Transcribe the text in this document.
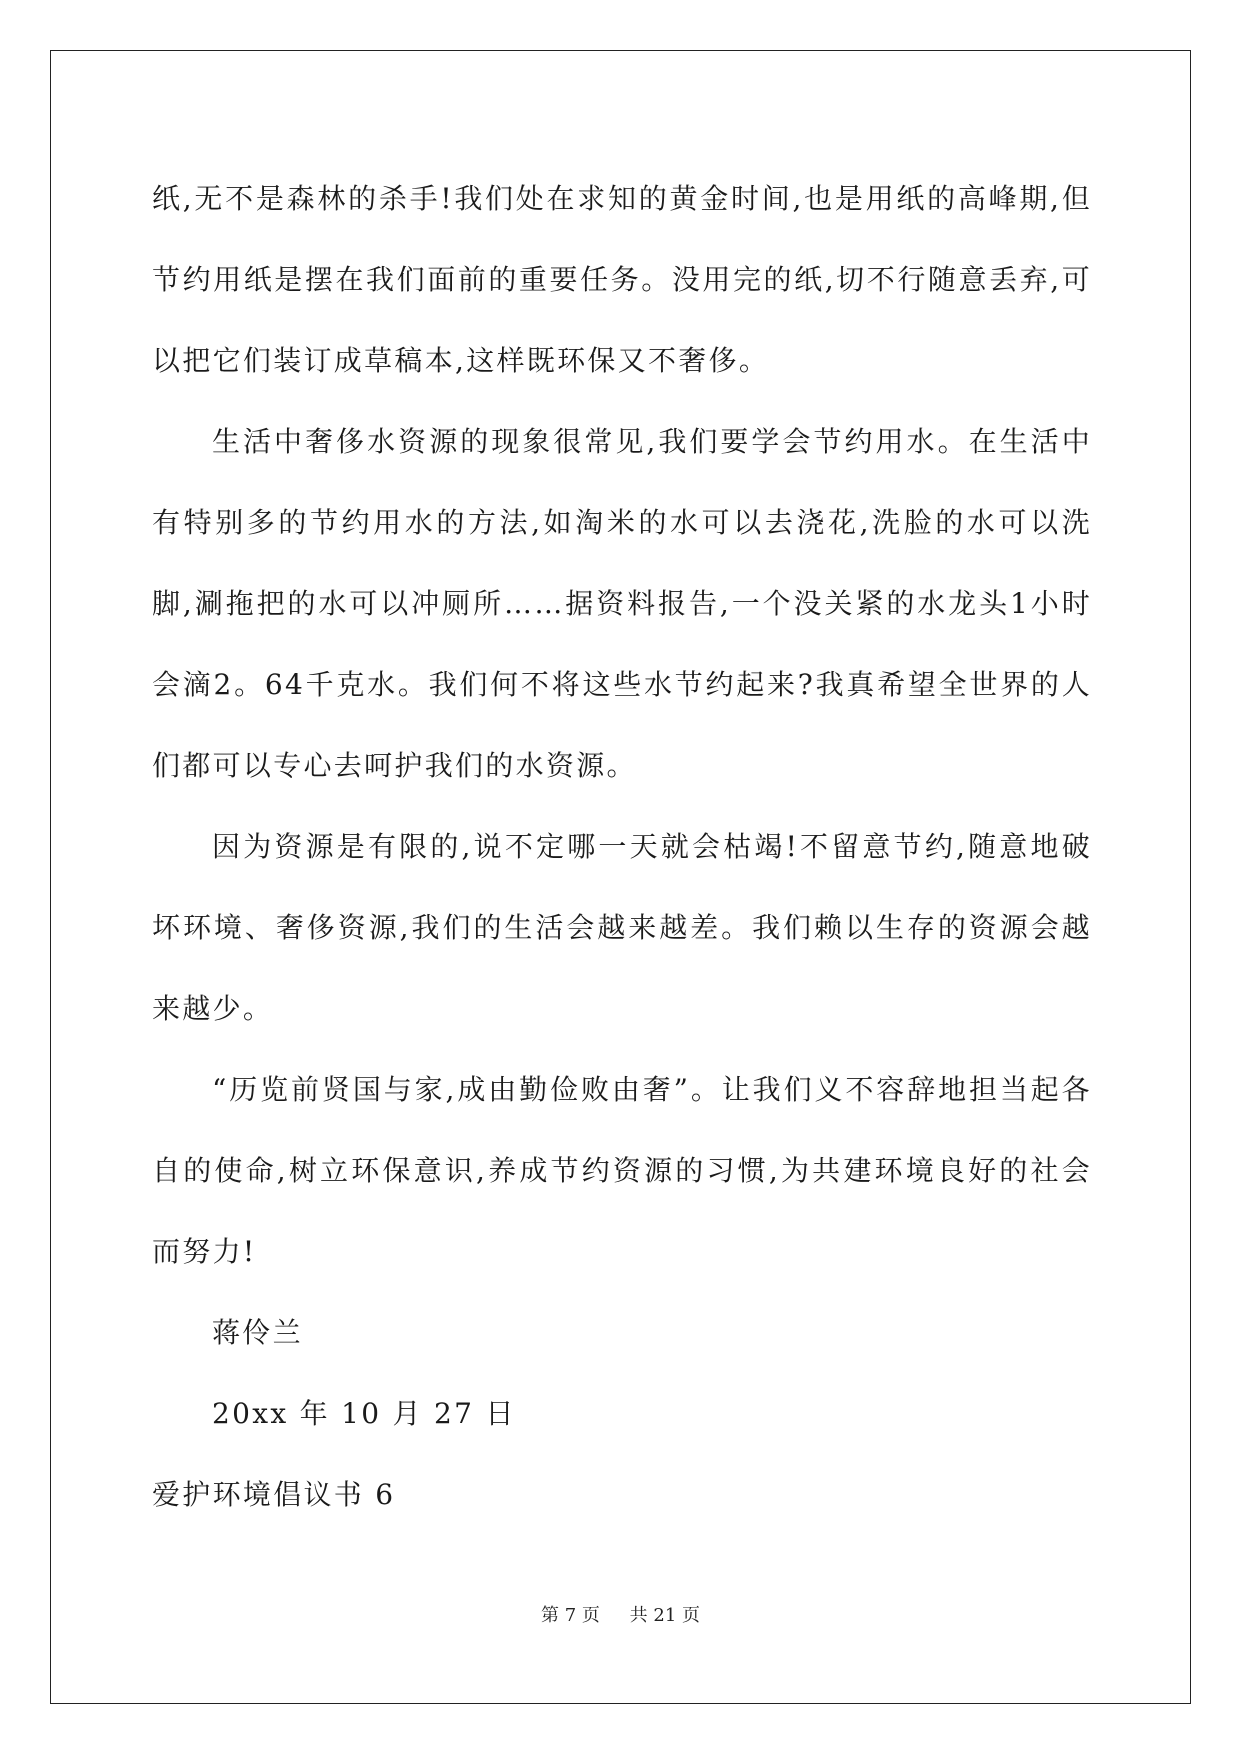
纸,无不是森林的杀手!我们处在求知的黄金时间,也是用纸的高峰期,但节约用纸是摆在我们面前的重要任务。没用完的纸,切不行随意丢弃,可以把它们装订成草稿本,这样既环保又不奢侈。

生活中奢侈水资源的现象很常见,我们要学会节约用水。在生活中有特别多的节约用水的方法,如淘米的水可以去浇花,洗脸的水可以洗脚,涮拖把的水可以冲厕所……据资料报告,一个没关紧的水龙头1小时会滴2。64千克水。我们何不将这些水节约起来?我真希望全世界的人们都可以专心去呵护我们的水资源。

因为资源是有限的,说不定哪一天就会枯竭!不留意节约,随意地破坏环境、奢侈资源,我们的生活会越来越差。我们赖以生存的资源会越来越少。

“历览前贤国与家,成由勤俭败由奢”。让我们义不容辞地担当起各自的使命,树立环保意识,养成节约资源的习惯,为共建环境良好的社会而努力!

蒋伶兰

20xx 年 10 月 27 日

爱护环境倡议书 6

第 7 页 共 21 页
